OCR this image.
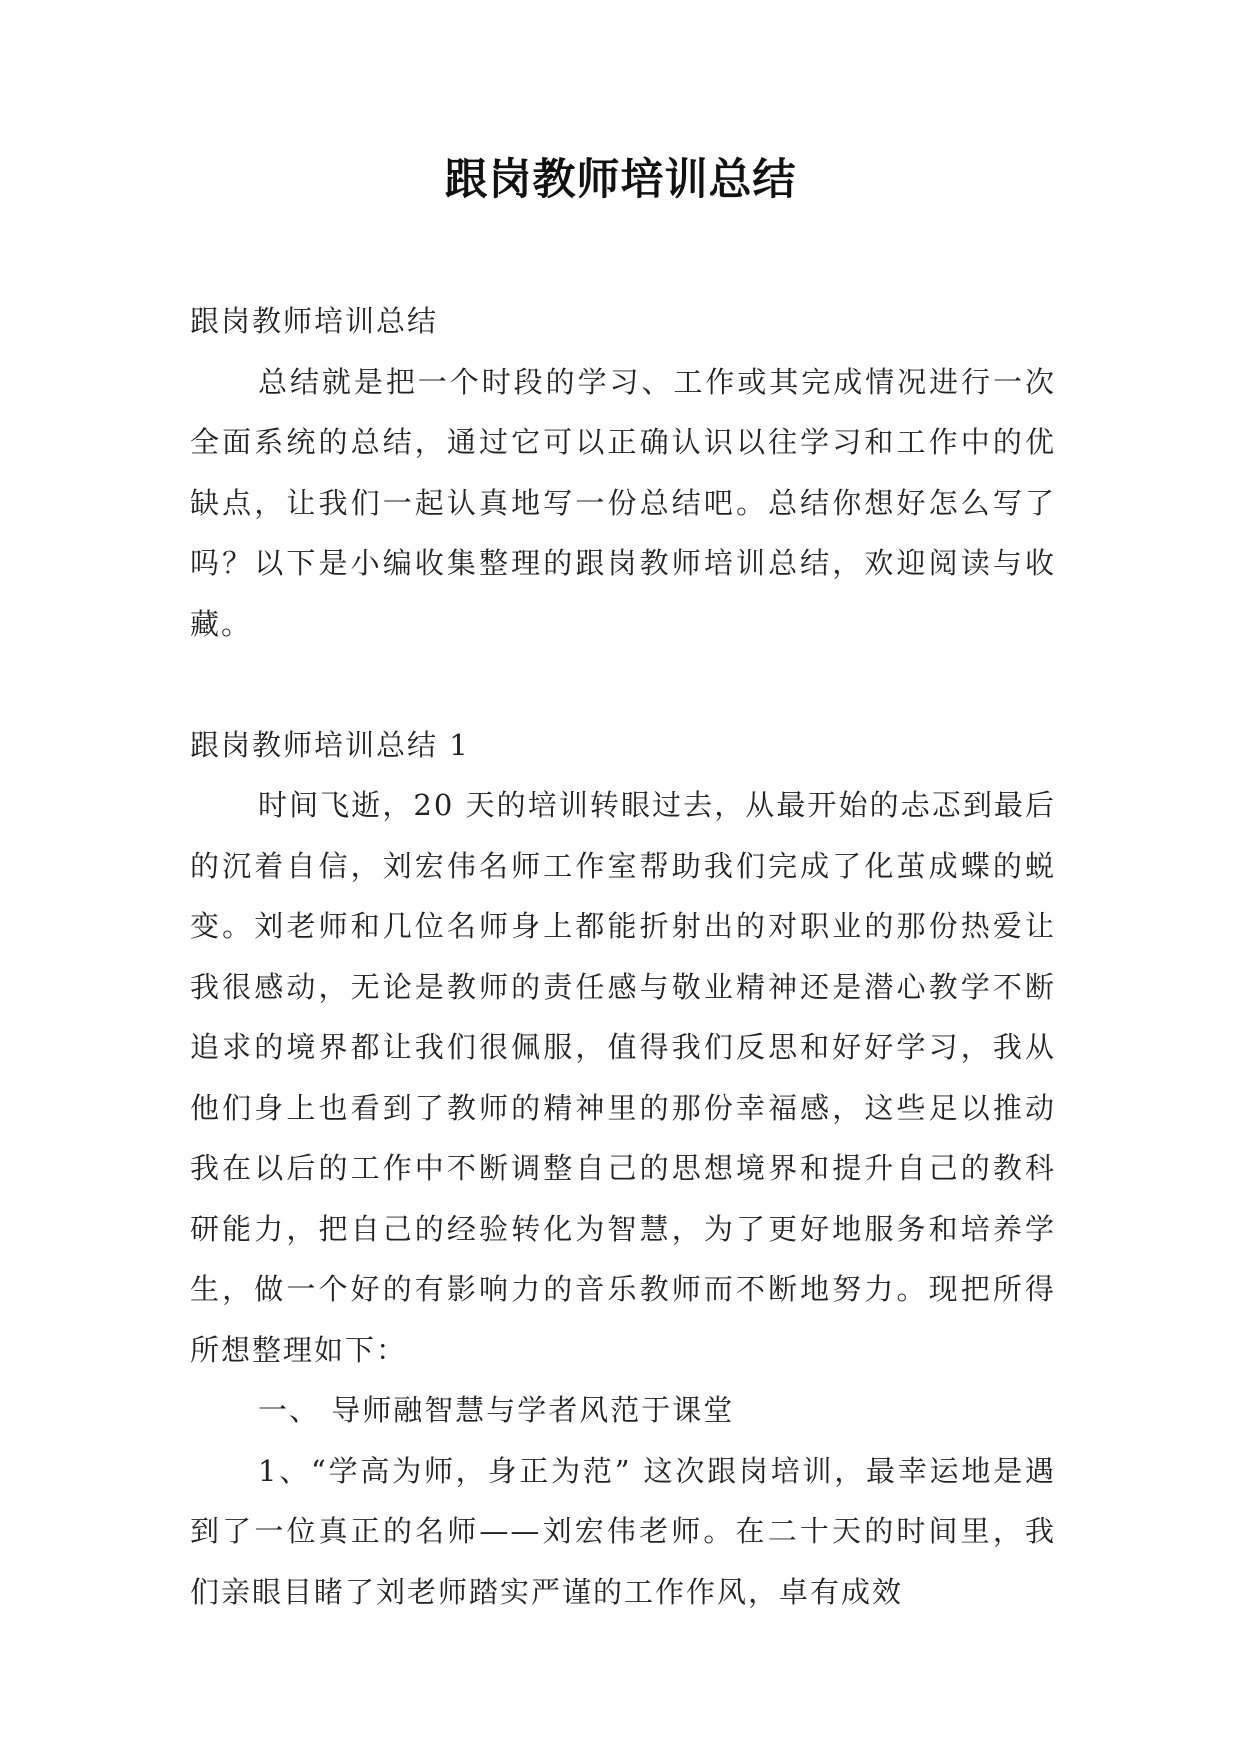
跟岗教师培训总结

跟岗教师培训总结

总结就是把一个时段的学习、工作或其完成情况进行一次全面系统的总结，通过它可以正确认识以往学习和工作中的优缺点，让我们一起认真地写一份总结吧。总结你想好怎么写了吗？以下是小编收集整理的跟岗教师培训总结，欢迎阅读与收藏。

跟岗教师培训总结 1

时间飞逝，20 天的培训转眼过去，从最开始的忐忑到最后的沉着自信，刘宏伟名师工作室帮助我们完成了化茧成蝶的蜕变。刘老师和几位名师身上都能折射出的对职业的那份热爱让我很感动，无论是教师的责任感与敬业精神还是潜心教学不断追求的境界都让我们很佩服，值得我们反思和好好学习，我从他们身上也看到了教师的精神里的那份幸福感，这些足以推动我在以后的工作中不断调整自己的思想境界和提升自己的教科研能力，把自己的经验转化为智慧，为了更好地服务和培养学生，做一个好的有影响力的音乐教师而不断地努力。现把所得所想整理如下：

一、 导师融智慧与学者风范于课堂

1、“学高为师，身正为范” 这次跟岗培训，最幸运地是遇到了一位真正的名师——刘宏伟老师。在二十天的时间里，我们亲眼目睹了刘老师踏实严谨的工作作风，卓有成效
